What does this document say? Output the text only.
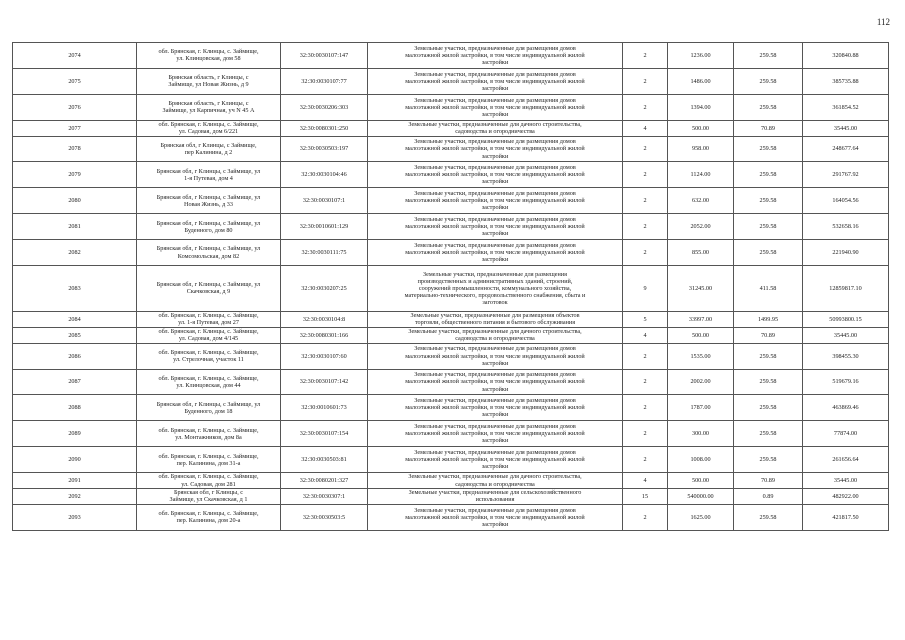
112
2074	обл. Брянская, г. Клинцы, с. Займище,
ул. Клинцовская, дом 58	32:30:0030107:147	Земельные участки, предназначенные для размещения домов
малоэтажной жилой застройки, в том числе индивидуальной жилой
застройки	2	1236.00	259.58	320840.88
2075	Брянская область, г Клинцы, с
Займище, ул Новая Жизнь, д 9	32:30:0030107:77	Земельные участки, предназначенные для размещения домов
малоэтажной жилой застройки, в том числе индивидуальной жилой
застройки	2	1486.00	259.58	385735.88
2076	Брянская область, г Клинцы, с
Займище, ул Карпичная, уч N 45 А	32:30:0030206:303	Земельные участки, предназначенные для размещения домов
малоэтажной жилой застройки, в том числе индивидуальной жилой
застройки	2	1394.00	259.58	361854.52
2077	обл. Брянская, г. Клинцы, с. Займище,
ул. Садовая, дом 6/221	32:30:0080301:250	Земельные участки, предназначенные для дачного строительства,
садоводства и огородничества	4	500.00	70.89	35445.00
2078	Брянская обл, г Клинцы, с Займище,
пер Калинина, д 2	32:30:0030503:197	Земельные участки, предназначенные для размещения домов
малоэтажной жилой застройки, в том числе индивидуальной жилой
застройки	2	958.00	259.58	248677.64
2079	Брянская обл, г Клинцы, с Займище, ул
1-я Путевая, дом 4	32:30:0030104:46	Земельные участки, предназначенные для размещения домов
малоэтажной жилой застройки, в том числе индивидуальной жилой
застройки	2	1124.00	259.58	291767.92
2080	Брянская обл, г Клинцы, с Займище, ул
Новая Жизнь, д 33	32:30:0030107:1	Земельные участки, предназначенные для размещения домов
малоэтажной жилой застройки, в том числе индивидуальной жилой
застройки	2	632.00	259.58	164054.56
2081	Брянская обл, г Клинцы, с Займище, ул
Буденного, дом 80	32:30:0010601:129	Земельные участки, предназначенные для размещения домов
малоэтажной жилой застройки, в том числе индивидуальной жилой
застройки	2	2052.00	259.58	532658.16
2082	Брянская обл, г Клинцы, с Займище, ул
Комсомольская, дом 82	32:30:0030111:75	Земельные участки, предназначенные для размещения домов
малоэтажной жилой застройки, в том числе индивидуальной жилой
застройки	2	855.00	259.58	221940.90
2083	Брянская обл, г Клинцы, с Займище, ул
Скачковская, д 9	32:30:0030207:25	Земельные участки, предназначенные для размещения
производственных и административных зданий, строений,
сооружений промышленности, коммунального хозяйства,
материально-технического, продовольственного снабжения, сбыта и
заготовок	9	31245.00	411.58	12859817.10
2084	обл. Брянская, г. Клинцы, с. Займище,
ул. 1-я Путевая, дом 27	32:30:0030104:8	Земельные участки, предназначенные для размещения объектов
торговли, общественного питания и бытового обслуживания	5	33997.00	1499.95	50993800.15
2085	обл. Брянская, г. Клинцы, с. Займище,
ул. Садовая, дом 4/145	32:30:0080301:166	Земельные участки, предназначенные для дачного строительства,
садоводства и огородничества	4	500.00	70.89	35445.00
2086	обл. Брянская, г. Клинцы, с. Займище,
ул. Стрелочная, участок 11	32:30:0030107:60	Земельные участки, предназначенные для размещения домов
малоэтажной жилой застройки, в том числе индивидуальной жилой
застройки	2	1535.00	259.58	398455.30
2087	обл. Брянская, г. Клинцы, с. Займище,
ул. Клинцовская, дом 44	32:30:0030107:142	Земельные участки, предназначенные для размещения домов
малоэтажной жилой застройки, в том числе индивидуальной жилой
застройки	2	2002.00	259.58	519679.16
2088	Брянская обл, г Клинцы, с Займище, ул
Буденного, дом 18	32:30:0010601:73	Земельные участки, предназначенные для размещения домов
малоэтажной жилой застройки, в том числе индивидуальной жилой
застройки	2	1787.00	259.58	463869.46
2089	обл. Брянская, г. Клинцы, с. Займище,
ул. Монтажников, дом 8а	32:30:0030107:154	Земельные участки, предназначенные для размещения домов
малоэтажной жилой застройки, в том числе индивидуальной жилой
застройки	2	300.00	259.58	77874.00
2090	обл. Брянская, г. Клинцы, с. Займище,
пер. Калинина, дом 31-а	32:30:0030503:81	Земельные участки, предназначенные для размещения домов
малоэтажной жилой застройки, в том числе индивидуальной жилой
застройки	2	1008.00	259.58	261656.64
2091	обл. Брянская, г. Клинцы, с. Займище,
ул. Садовая, дом 281	32:30:0080201:327	Земельные участки, предназначенные для дачного строительства,
садоводства и огородничества	4	500.00	70.89	35445.00
2092	Брянская обл, г Клинцы, с
Займище, ул Скачковская, д 1	32:30:0030307:1	Земельные участки, предназначенные для сельскохозяйственного
использования	15	540000.00	0.89	482922.00
2093	обл. Брянская, г. Клинцы, с. Займище,
пер. Калинина, дом 20-а	32:30:0030503:5	Земельные участки, предназначенные для размещения домов
малоэтажной жилой застройки, в том числе индивидуальной жилой
застройки	2	1625.00	259.58	421817.50
